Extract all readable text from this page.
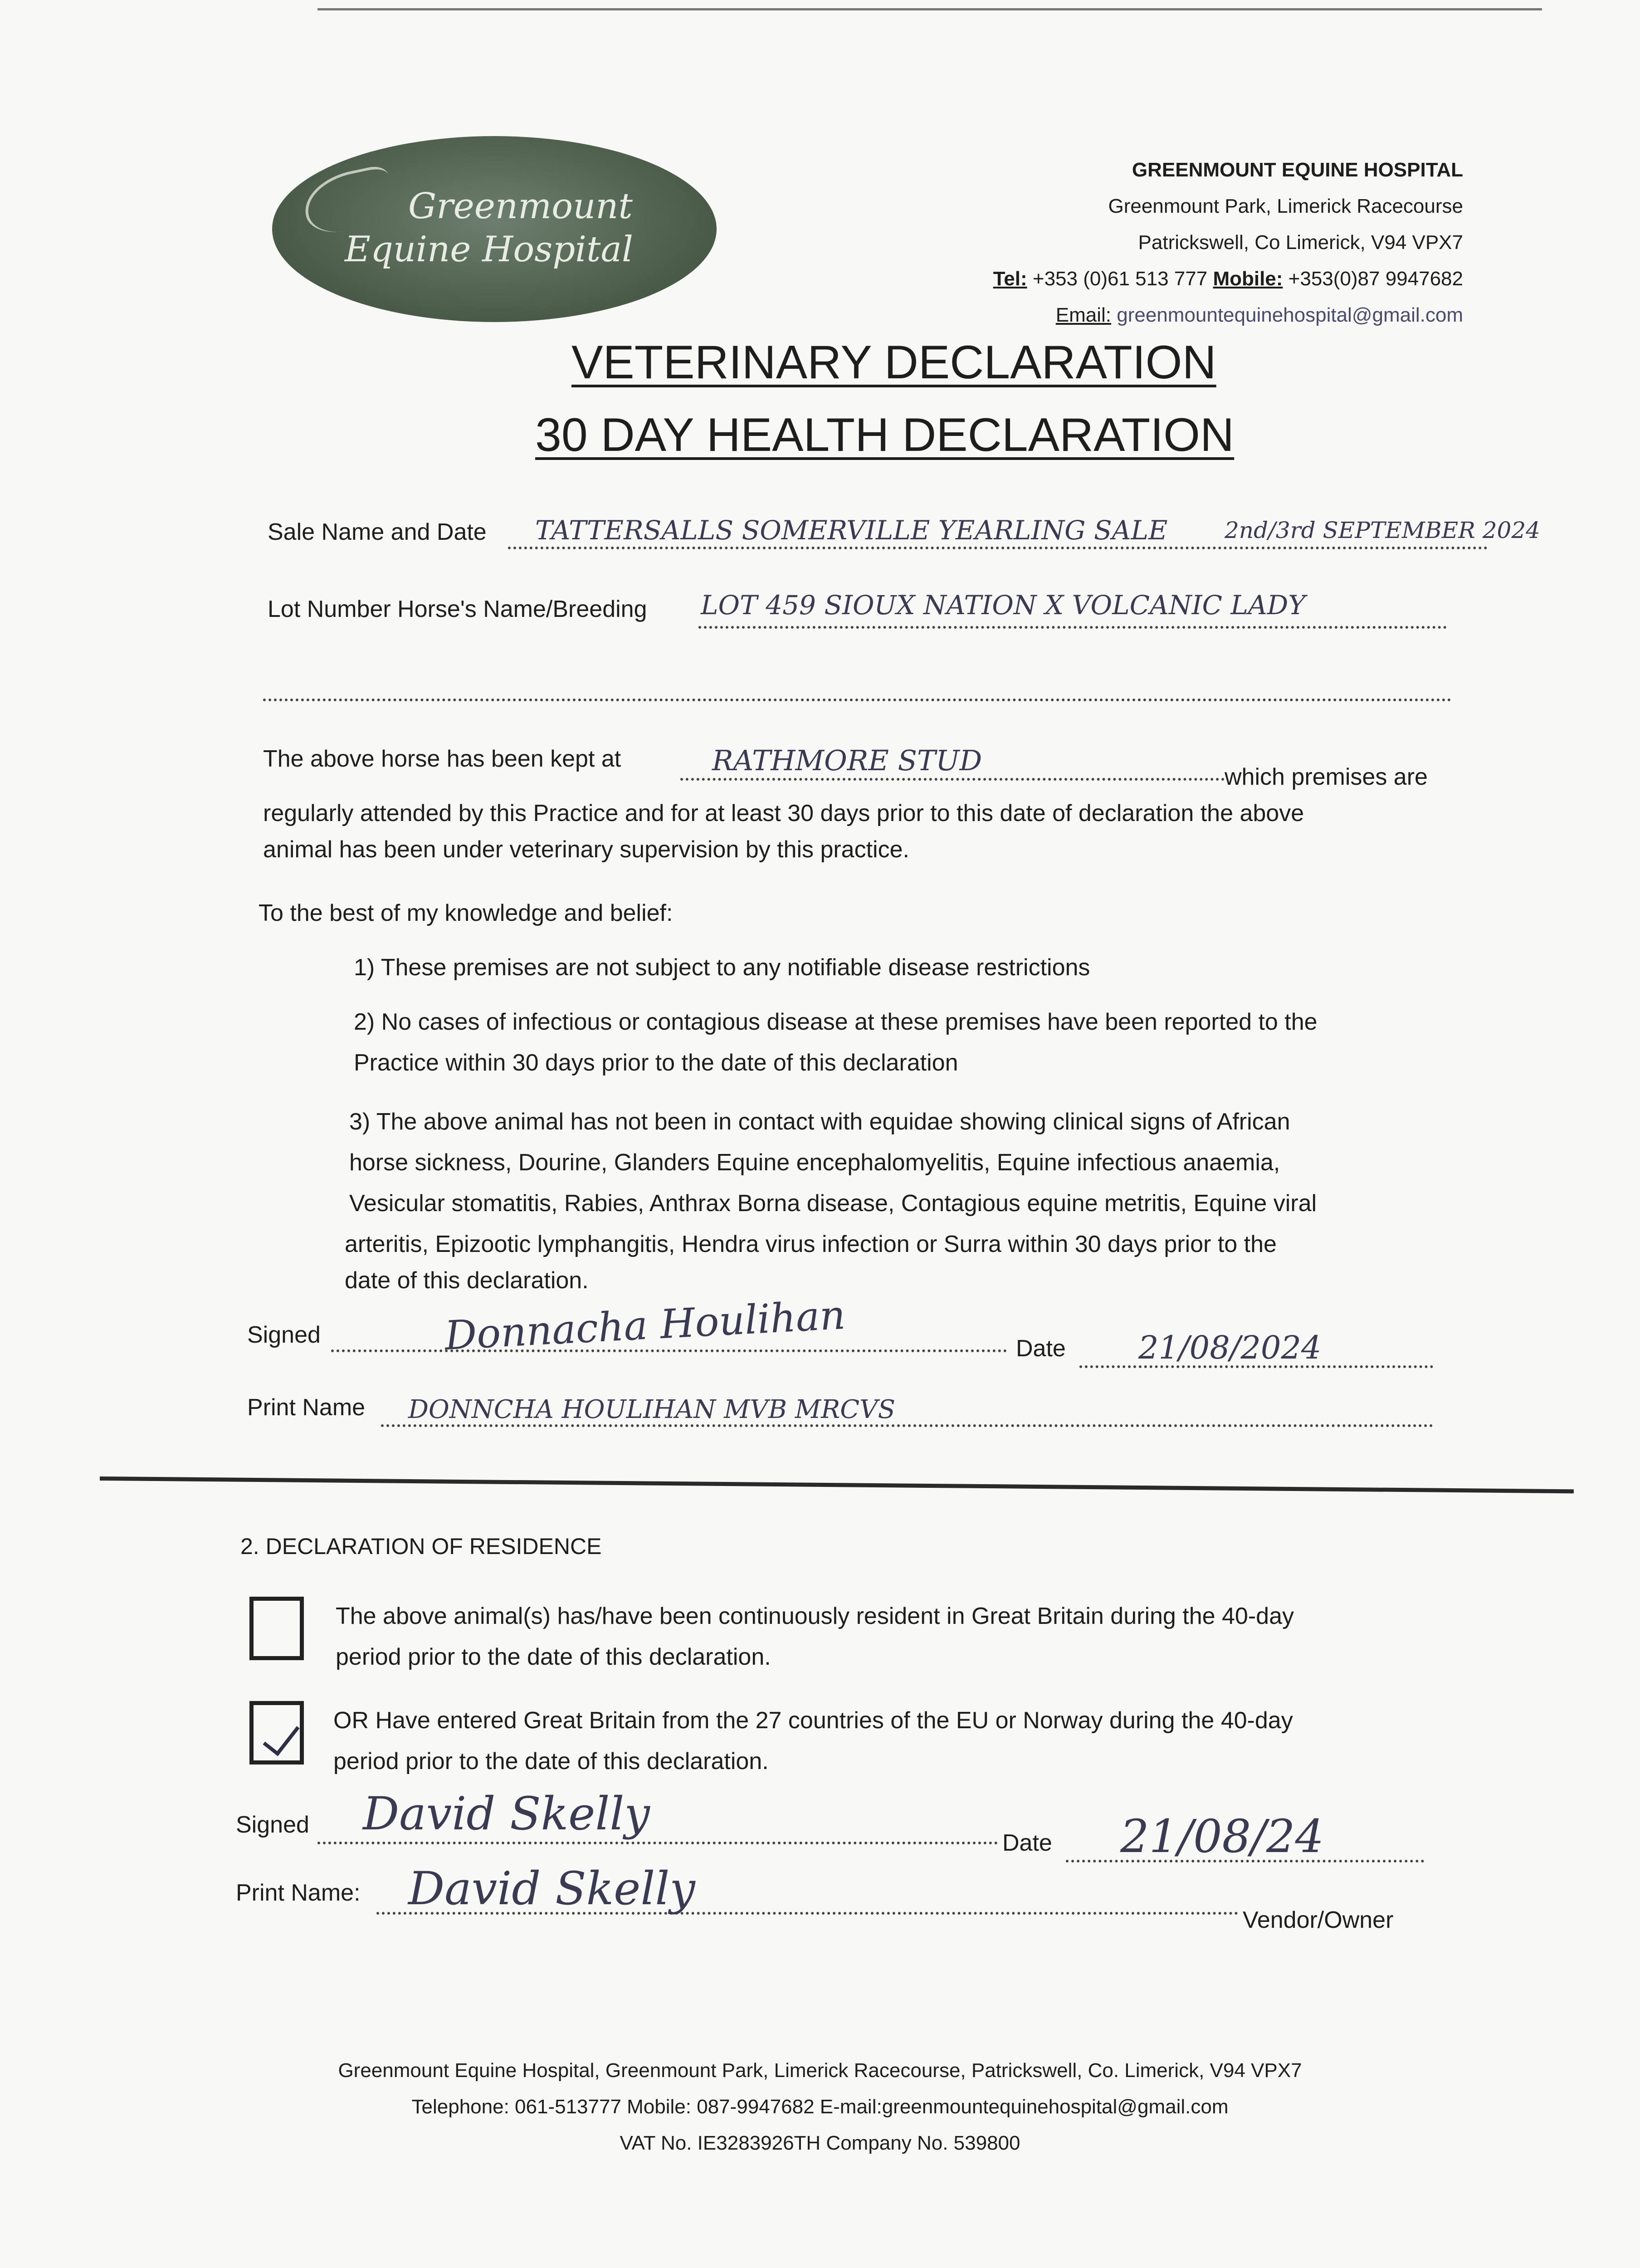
Greenmount
Equine Hospital
GREENMOUNT EQUINE HOSPITAL
Greenmount Park, Limerick Racecourse
Patrickswell, Co Limerick, V94 VPX7
Tel: +353 (0)61 513 777 Mobile: +353(0)87 9947682
Email: greenmountequinehospital@gmail.com
VETERINARY DECLARATION
30 DAY HEALTH DECLARATION
Sale Name and Date TATTERSALLS SOMERVILLE YEARLING SALE	2nd/3rd SEPTEMBER 2024
Lot Number Horse's Name/Breeding LOT 459 SIOUX NATION X VOLCANIC LADY
The above horse has been kept at	RATHMORE STUD	which premises are
regularly attended by this Practice and for at least 30 days prior to this date of declaration the above
animal has been under veterinary supervision by this practice.
To the best of my knowledge and belief:
1) These premises are not subject to any notifiable disease restrictions
2) No cases of infectious or contagious disease at these premises have been reported to the
Practice within 30 days prior to the date of this declaration
3) The above animal has not been in contact with equidae showing clinical signs of African
horse sickness, Dourine, Glanders Equine encephalomyelitis, Equine infectious anaemia,
Vesicular stomatitis, Rabies, Anthrax Borna disease, Contagious equine metritis, Equine viral
arteritis, Epizootic lymphangitis, Hendra virus infection or Surra within 30 days prior to the
date of this declaration.
Signed	Donnacha Houlihan	Date 21/08/2024
Print Name DONNCHA HOULIHAN MVB MRCVS
2. DECLARATION OF RESIDENCE
The above animal(s) has/have been continuously resident in Great Britain during the 40-day
period prior to the date of this declaration.
OR Have entered Great Britain from the 27 countries of the EU or Norway during the 40-day
period prior to the date of this declaration.
Signed David Skelly
Date 21/08/24
Print Name: David Skelly
Vendor/Owner
Greenmount Equine Hospital, Greenmount Park, Limerick Racecourse, Patrickswell, Co. Limerick, V94 VPX7
Telephone: 061-513777 Mobile: 087-9947682 E-mail:greenmountequinehospital@gmail.com
VAT No. IE3283926TH Company No. 539800
